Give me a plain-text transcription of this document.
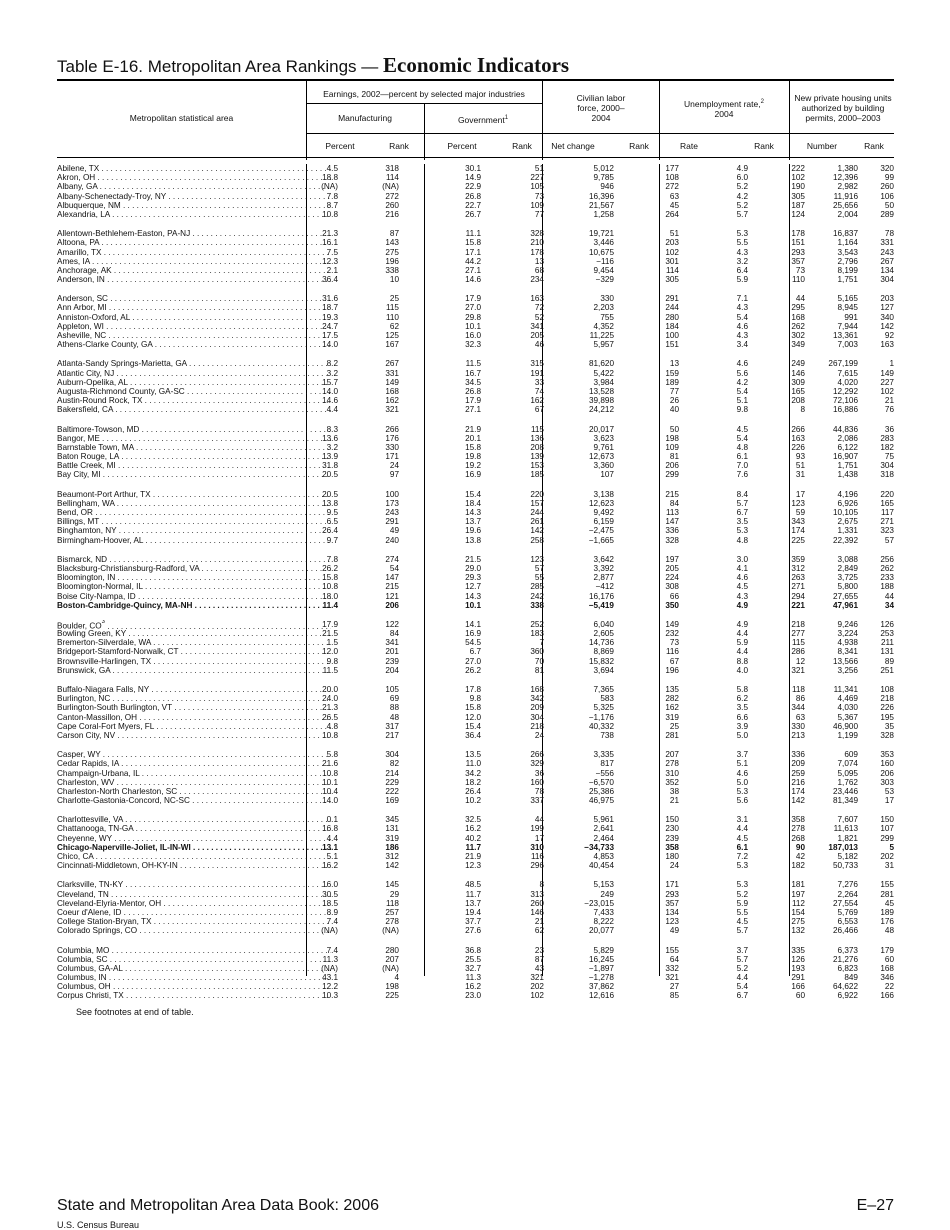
Table E-16. Metropolitan Area Rankings — Economic Indicators
Metropolitan statistical area
Earnings, 2002—percent by selected major industries
Manufacturing	Government$^1$
Civilian labor force, 2000–2004
Unemployment rate,$^2$
2004
New private housing units authorized by building permits, 2000–2003
Percent	Rank	Percent	Rank	Net change	Rank	Rate	Rank	Number	Rank
Abilene, TX . . .	4.5	318	30.1	51	5,012	177	4.9	222	1,380	320
Akron, OH . . .	18.8	114	14.9	227	9,785	108	6.0	102	12,396	99
Albany, GA . . .	(NA)	(NA)	22.9	105	946	272	5.2	190	2,982	260
Albany-Schenectady-Troy, NY . . .	7.8	272	26.8	73	16,396	63	4.2	305	11,916	106
Albuquerque, NM . . .	8.7	260	22.7	109	21,567	45	5.2	187	25,656	50
Alexandria, LA . . .	10.8	216	26.7	77	1,258	264	5.7	124	2,004	289
Allentown-Bethlehem-Easton, PA-NJ . . .	21.3	87	11.1	328	19,721	51	5.3	178	16,837	78
Altoona, PA . . .	16.1	143	15.8	210	3,446	203	5.5	151	1,164	331
Amarillo, TX . . .	7.5	275	17.1	178	10,675	102	4.3	293	3,543	243
Ames, IA . . .	12.3	196	44.2	13	−116	301	3.2	357	2,796	267
Anchorage, AK . . .	2.1	338	27.1	68	9,454	114	6.4	73	8,199	134
Anderson, IN . . .	36.4	10	14.6	234	−329	305	5.9	110	1,751	304
Anderson, SC . . .	31.6	25	17.9	163	330	291	7.1	44	5,165	203
Ann Arbor, MI . . .	18.7	115	27.0	72	2,203	244	4.3	295	8,945	127
Anniston-Oxford, AL . . .	19.3	110	29.8	52	755	280	5.4	168	991	340
Appleton, WI . . .	24.7	62	10.1	341	4,352	184	4.6	262	7,944	142
Asheville, NC . . .	17.5	125	16.0	205	11,225	100	4.3	302	13,361	92
Athens-Clarke County, GA . . .	14.0	167	32.3	46	5,957	151	3.4	349	7,003	163
Atlanta-Sandy Springs-Marietta, GA . . .	8.2	267	11.5	315	81,620	13	4.6	249	267,199	1
Atlantic City, NJ . . .	3.2	331	16.7	191	5,422	159	5.6	146	7,615	149
Auburn-Opelika, AL . . .	15.7	149	34.5	33	3,984	189	4.2	309	4,020	227
Augusta-Richmond County, GA-SC . . .	14.0	168	26.8	74	13,528	77	5.4	165	12,292	102
Austin-Round Rock, TX . . .	14.6	162	17.9	162	39,898	26	5.1	208	72,106	21
Bakersfield, CA . . .	4.4	321	27.1	67	24,212	40	9.8	8	16,886	76
Baltimore-Towson, MD . . .	8.3	266	21.9	115	20,017	50	4.5	266	44,836	36
Bangor, ME . . .	13.6	176	20.1	136	3,623	198	5.4	163	2,086	283
Barnstable Town, MA . . .	3.2	330	15.8	208	9,761	109	4.8	226	6,122	182
Baton Rouge, LA . . .	13.9	171	19.8	139	12,673	81	6.1	93	16,907	75
Battle Creek, MI . . .	31.8	24	19.2	153	3,360	206	7.0	51	1,751	304
Bay City, MI . . .	20.5	97	16.9	185	107	299	7.6	31	1,438	318
Beaumont-Port Arthur, TX . . .	20.5	100	15.4	220	3,138	215	8.4	17	4,196	220
Bellingham, WA . . .	13.8	173	18.4	157	12,623	84	5.7	123	6,926	165
Bend, OR . . .	9.5	243	14.3	244	9,492	113	6.7	59	10,105	117
Billings, MT . . .	6.5	291	13.7	261	6,159	147	3.5	343	2,675	271
Binghamton, NY . . .	26.4	49	19.6	142	−2,475	336	5.3	174	1,331	323
Birmingham-Hoover, AL . . .	9.7	240	13.8	258	−1,665	328	4.8	225	22,392	57
Bismarck, ND . . .	7.8	274	21.5	123	3,642	197	3.0	359	3,088	256
Blacksburg-Christiansburg-Radford, VA . . .	26.2	54	29.0	57	3,392	205	4.1	312	2,849	262
Bloomington, IN . . .	15.8	147	29.3	55	2,877	224	4.6	263	3,725	233
Bloomington-Normal, IL . . .	10.8	215	12.7	285	−412	308	4.5	271	5,800	188
Boise City-Nampa, ID . . .	18.0	121	14.3	242	16,176	66	4.3	294	27,655	44
Boston-Cambridge-Quincy, MA-NH . . .	11.4	206	10.1	338	−5,419	350	4.9	221	47,961	34
Boulder, $CO^3$ . . .	17.9	122	14.1	252	6,040	149	4.9	218	9,246	126
Bowling Green, KY . . .	21.5	84	16.9	183	2,605	232	4.4	277	3,224	253
Bremerton-Silverdale, WA . . .	1.5	341	54.5	7	14,736	73	5.9	115	4,938	211
Bridgeport-Stamford-Norwalk, CT . . .	12.0	201	6.7	360	8,869	116	4.4	286	8,341	131
Brownsville-Harlingen, TX . . .	9.8	239	27.0	70	15,832	67	8.8	12	13,566	89
Brunswick, GA . . .	11.5	204	26.2	81	3,694	196	4.0	321	3,256	251
Buffalo-Niagara Falls, NY . . .	20.0	105	17.8	168	7,365	135	5.8	118	11,341	108
Burlington, NC . . .	24.0	69	9.8	342	583	282	6.2	86	4,469	218
Burlington-South Burlington, VT . . .	21.3	88	15.8	209	5,325	162	3.5	344	4,030	226
Canton-Massillon, OH . . .	26.5	48	12.0	304	−1,176	319	6.6	63	5,367	195
Cape Coral-Fort Myers, FL . . .	4.8	317	15.4	218	40,332	25	3.9	330	46,900	35
Carson City, NV . . .	10.8	217	36.4	24	738	281	5.0	213	1,199	328
Casper, WY . . .	5.8	304	13.5	266	3,335	207	3.7	336	609	353
Cedar Rapids, IA . . .	21.6	82	11.0	329	817	278	5.1	209	7,074	160
Champaign-Urbana, IL . . .	10.8	214	34.2	36	−556	310	4.6	259	5,095	206
Charleston, WV . . .	10.1	229	18.2	160	−6,570	352	5.0	216	1,762	303
Charleston-North Charleston, SC . . .	10.4	222	26.4	78	25,386	38	5.3	174	23,446	53
Charlotte-Gastonia-Concord, NC-SC . . .	14.0	169	10.2	337	46,975	21	5.6	142	81,349	17
Charlottesville, VA . . .	0.1	345	32.5	44	5,961	150	3.1	358	7,607	150
Chattanooga, TN-GA . . .	16.8	131	16.2	199	2,641	230	4.4	278	11,613	107
Cheyenne, WY . . .	4.4	319	40.2	17	2,464	239	4.5	268	1,821	299
Chicago-Naperville-Joliet, IL-IN-WI . . .	13.1	186	11.7	310	−34,733	358	6.1	90	187,013	5
Chico, CA . . .	5.1	312	21.9	116	4,853	180	7.2	42	5,182	202
Cincinnati-Middletown, OH-KY-IN . . .	16.2	142	12.3	296	40,454	24	5.3	182	50,733	31
Clarksville, TN-KY . . .	16.0	145	48.5	8	5,153	171	5.3	181	7,276	155
Cleveland, TN . . .	30.5	29	11.7	313	249	293	5.2	197	2,264	281
Cleveland-Elyria-Mentor, OH . . .	18.5	118	13.7	260	−23,015	357	5.9	112	27,554	45
Coeur d'Alene, ID . . .	8.9	257	19.4	146	7,433	134	5.5	154	5,769	189
College Station-Bryan, TX . . .	7.4	278	37.7	21	8,222	123	4.5	275	6,553	176
Colorado Springs, CO . . .	(NA)	(NA)	27.6	62	20,077	49	5.7	132	26,466	48
Columbia, MO . . .	7.4	280	36.8	23	5,829	155	3.7	335	6,373	179
Columbia, SC . . .	11.3	207	25.5	87	16,245	64	5.7	126	21,276	60
Columbus, GA-AL . . .	(NA)	(NA)	32.7	43	−1,897	332	5.2	193	6,823	168
Columbus, IN . . .	43.1	4	11.3	321	−1,278	321	4.4	291	849	346
Columbus, OH . . .	12.2	198	16.2	202	37,862	27	5.4	166	64,622	22
Corpus Christi, TX . . .	10.3	225	23.0	102	12,616	85	6.7	60	6,922	166
See footnotes at end of table.
State and Metropolitan Area Data Book: 2006	E–27
U.S. Census Bureau
